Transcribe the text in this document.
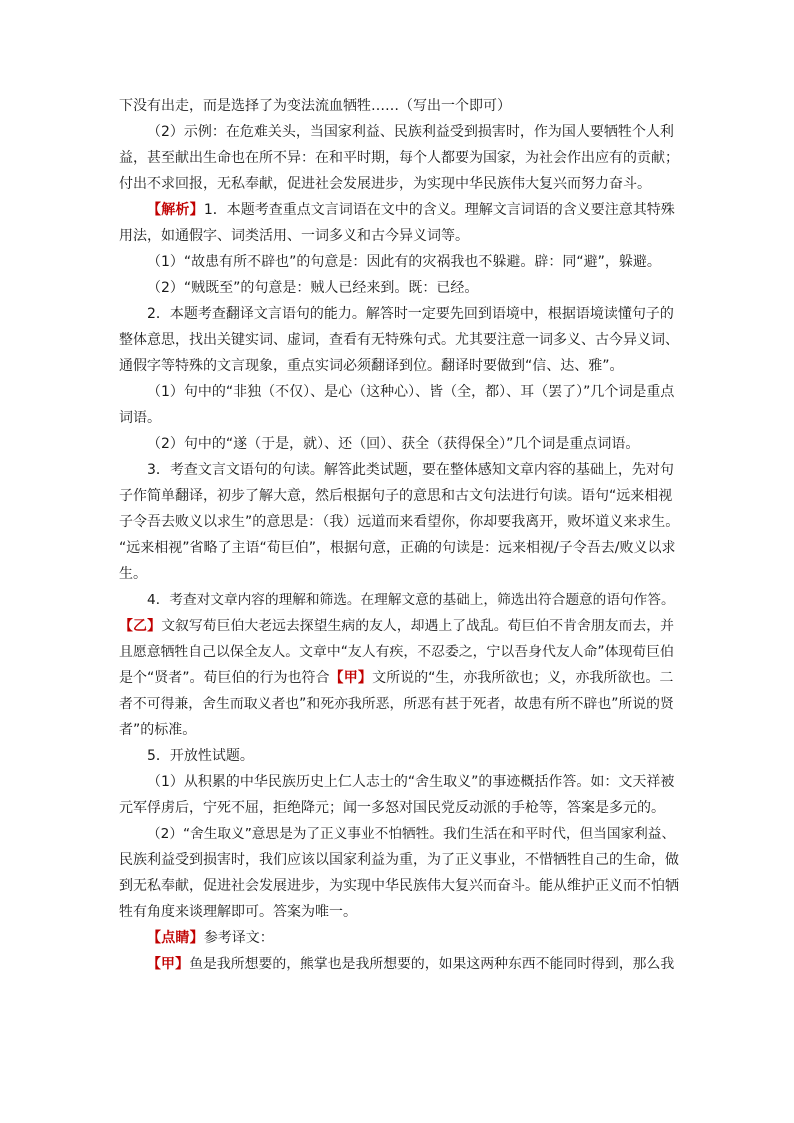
下没有出走，而是选择了为变法流血牺牲……（写出一个即可）
（2）示例：在危难关头，当国家利益、民族利益受到损害时，作为国人要牺牲个人利
益，甚至献出生命也在所不异：在和平时期，每个人都要为国家，为社会作出应有的贡献；
付出不求回报，无私奉献，促进社会发展进步，为实现中华民族伟大复兴而努力奋斗。
【解析】1．本题考查重点文言词语在文中的含义。理解文言词语的含义要注意其特殊
用法，如通假字、词类活用、一词多义和古今异义词等。
（1）“故患有所不辟也”的句意是：因此有的灾祸我也不躲避。辟：同“避”，躲避。
（2）“贼既至”的句意是：贼人已经来到。既：已经。
2．本题考查翻译文言语句的能力。解答时一定要先回到语境中，根据语境读懂句子的
整体意思，找出关键实词、虚词，查看有无特殊句式。尤其要注意一词多义、古今异义词、
通假字等特殊的文言现象，重点实词必须翻译到位。翻译时要做到“信、达、雅”。
（1）句中的“非独（不仅）、是心（这种心）、皆（全，都）、耳（罢了）”几个词是重点
词语。
（2）句中的“遂（于是，就）、还（回）、获全（获得保全）”几个词是重点词语。
3．考查文言文语句的句读。解答此类试题，要在整体感知文章内容的基础上，先对句
子作简单翻译，初步了解大意，然后根据句子的意思和古文句法进行句读。语句“远来相视
子令吾去败义以求生”的意思是：（我）远道而来看望你，你却要我离开，败坏道义来求生。
“远来相视”省略了主语“荀巨伯”，根据句意，正确的句读是：远来相视/子令吾去/败义以求
生。
4．考查对文章内容的理解和筛选。在理解文意的基础上，筛选出符合题意的语句作答。
【乙】文叙写荀巨伯大老远去探望生病的友人，却遇上了战乱。荀巨伯不肯舍朋友而去，并
且愿意牺牲自己以保全友人。文章中“友人有疾，不忍委之，宁以吾身代友人命”体现荀巨伯
是个“贤者”。荀巨伯的行为也符合【甲】文所说的“生，亦我所欲也；义，亦我所欲也。二
者不可得兼，舍生而取义者也”和死亦我所恶，所恶有甚于死者，故患有所不辟也”所说的贤
者”的标准。
5．开放性试题。
（1）从积累的中华民族历史上仁人志士的“舍生取义”的事迹概括作答。如：文天祥被
元军俘虏后，宁死不屈，拒绝降元；闻一多怒对国民党反动派的手枪等，答案是多元的。
（2）“舍生取义”意思是为了正义事业不怕牺牲。我们生活在和平时代，但当国家利益、
民族利益受到损害时，我们应该以国家利益为重，为了正义事业，不惜牺牲自己的生命，做
到无私奉献，促进社会发展进步，为实现中华民族伟大复兴而奋斗。能从维护正义而不怕牺
牲有角度来谈理解即可。答案为唯一。
【点睛】参考译文：
【甲】鱼是我所想要的，熊掌也是我所想要的，如果这两种东西不能同时得到，那么我
